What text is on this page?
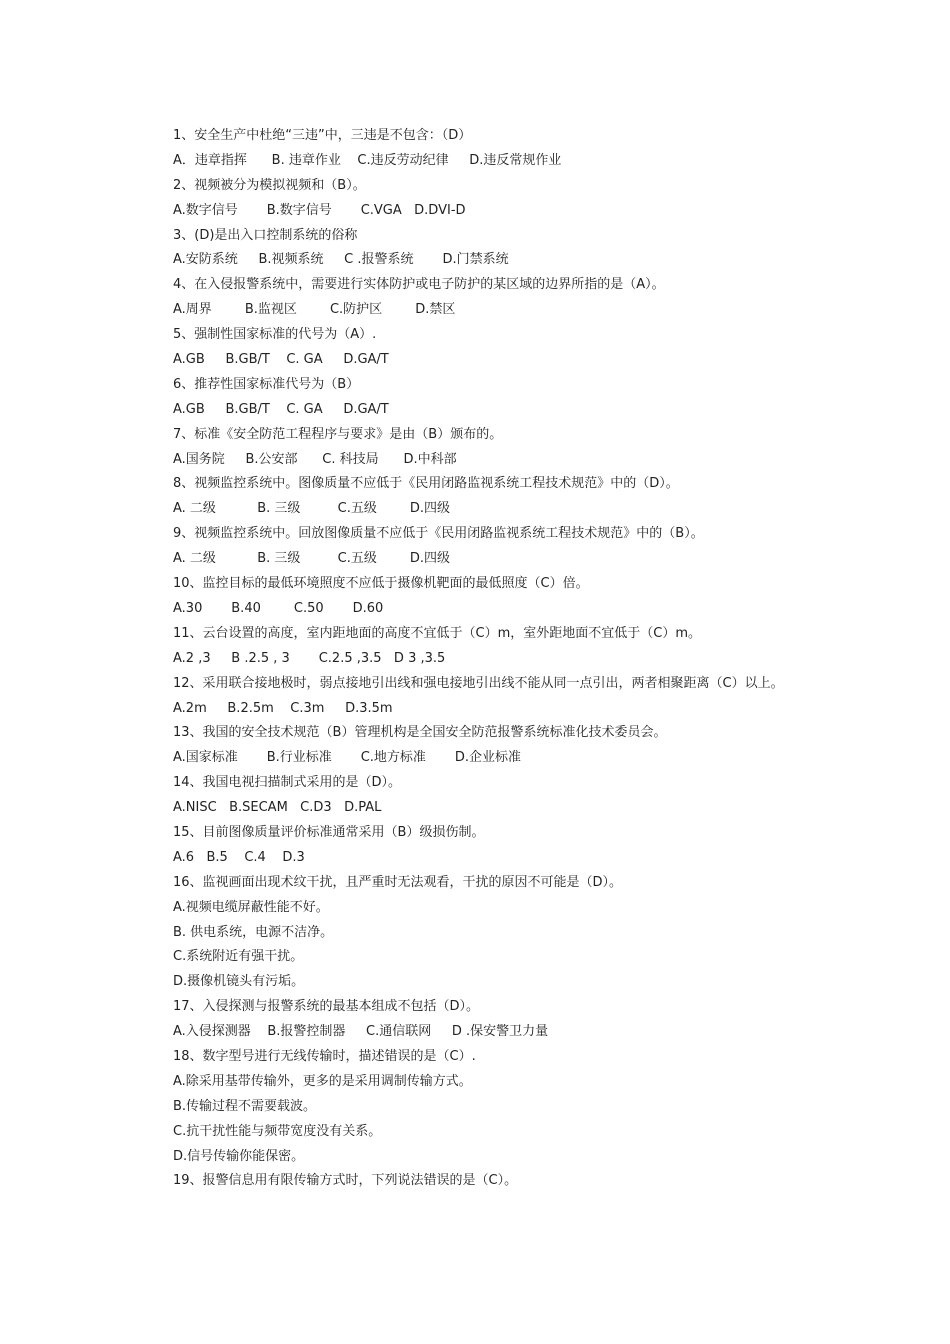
1、安全生产中杜绝“三违”中，三违是不包含：（D）
A．违章指挥      B. 违章作业    C.违反劳动纪律     D.违反常规作业
2、视频被分为模拟视频和（B）。
A.数字信号       B.数字信号       C.VGA   D.DVI-D
3、(D)是出入口控制系统的俗称
A.安防系统     B.视频系统     C .报警系统       D.门禁系统
4、在入侵报警系统中，需要进行实体防护或电子防护的某区域的边界所指的是（A）。
A.周界        B.监视区        C.防护区        D.禁区
5、强制性国家标准的代号为（A）.
A.GB     B.GB/T    C. GA     D.GA/T
6、推荐性国家标准代号为（B）
A.GB     B.GB/T    C. GA     D.GA/T
7、标准《安全防范工程程序与要求》是由（B）颁布的。
A.国务院     B.公安部      C. 科技局      D.中科部
8、视频监控系统中。图像质量不应低于《民用闭路监视系统工程技术规范》中的（D）。
A. 二级          B. 三级         C.五级        D.四级
9、视频监控系统中。回放图像质量不应低于《民用闭路监视系统工程技术规范》中的（B）。
A. 二级          B. 三级         C.五级        D.四级
10、监控目标的最低环境照度不应低于摄像机靶面的最低照度（C）倍。
A.30       B.40        C.50       D.60
11、云台设置的高度，室内距地面的高度不宜低于（C）m，室外距地面不宜低于（C）m。
A.2 ,3     B .2.5 , 3       C.2.5 ,3.5   D 3 ,3.5
12、采用联合接地极时，弱点接地引出线和强电接地引出线不能从同一点引出，两者相聚距离（C）以上。
A.2m     B.2.5m    C.3m     D.3.5m
13、我国的安全技术规范（B）管理机构是全国安全防范报警系统标准化技术委员会。
A.国家标准       B.行业标准       C.地方标准       D.企业标准
14、我国电视扫描制式采用的是（D）。
A.NISC   B.SECAM   C.D3   D.PAL
15、目前图像质量评价标准通常采用（B）级损伤制。
A.6   B.5    C.4    D.3
16、监视画面出现术纹干扰，且严重时无法观看，干扰的原因不可能是（D）。
A.视频电缆屏蔽性能不好。
B. 供电系统，电源不洁净。
C.系统附近有强干扰。
D.摄像机镜头有污垢。
17、入侵探测与报警系统的最基本组成不包括（D）。
A.入侵探测器    B.报警控制器     C.通信联网     D .保安警卫力量
18、数字型号进行无线传输时，描述错误的是（C）.
A.除采用基带传输外，更多的是采用调制传输方式。
B.传输过程不需要载波。
C.抗干扰性能与频带宽度没有关系。
D.信号传输你能保密。
19、报警信息用有限传输方式时，下列说法错误的是（C）。
